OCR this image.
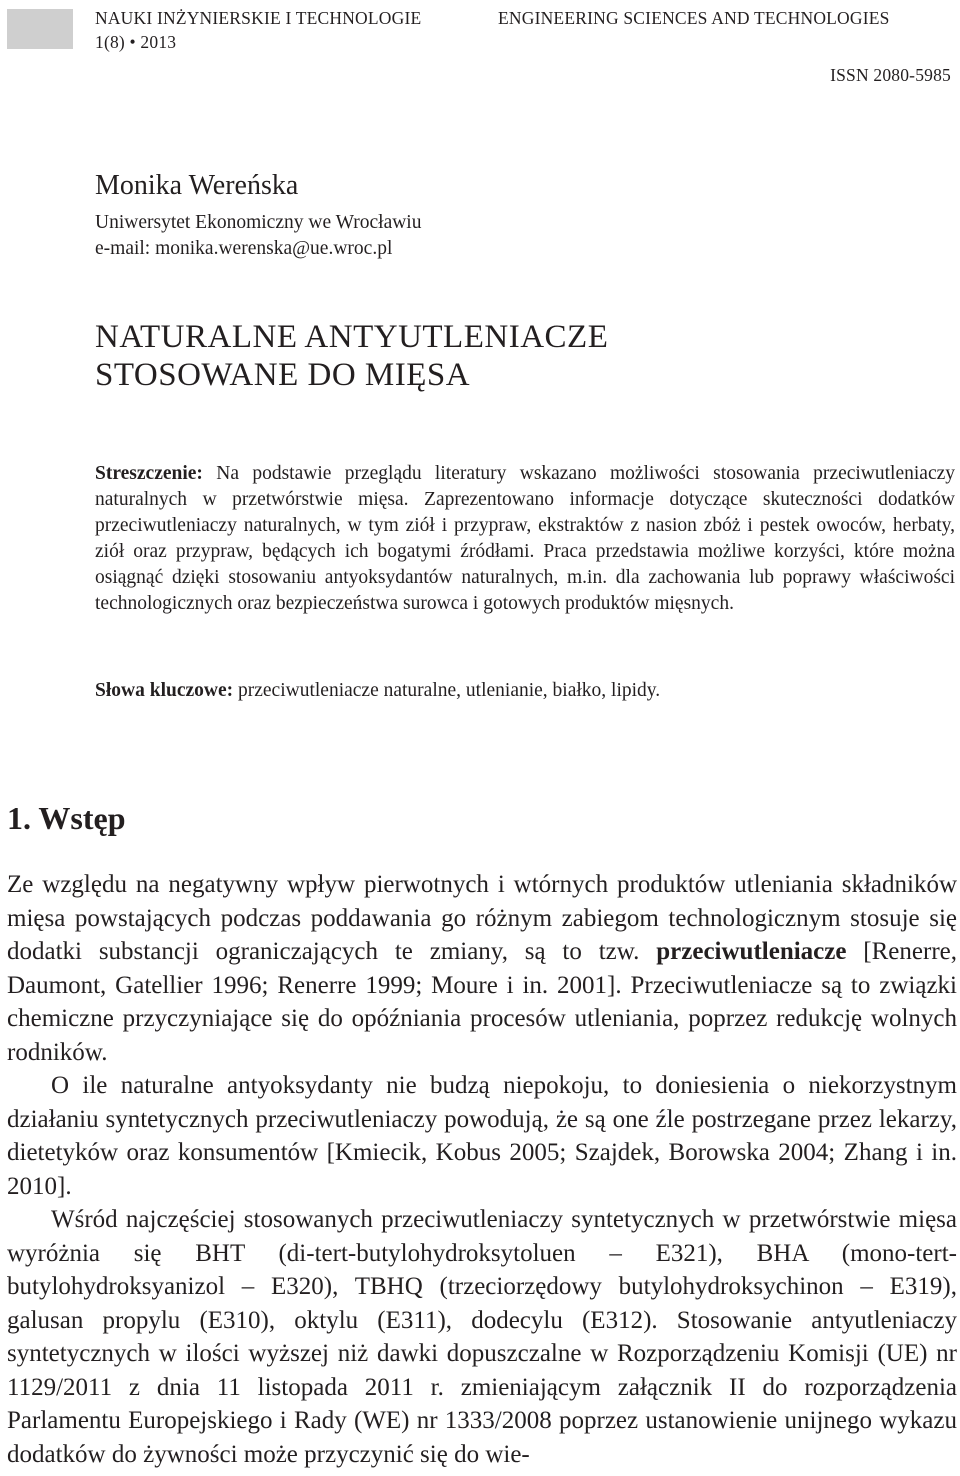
NAUKI INŻYNIERSKIE I TECHNOLOGIE
1(8) • 2013
ENGINEERING SCIENCES AND TECHNOLOGIES
ISSN 2080-5985
Monika Wereńska
Uniwersytet Ekonomiczny we Wrocławiu
e-mail: monika.werenska@ue.wroc.pl
NATURALNE ANTYUTLENIACZE
STOSOWANE DO MIĘSA
Streszczenie: Na podstawie przeglądu literatury wskazano możliwości stosowania przeciwutleniaczy naturalnych w przetwórstwie mięsa. Zaprezentowano informacje dotyczące skuteczności dodatków przeciwutleniaczy naturalnych, w tym ziół i przypraw, ekstraktów z nasion zbóż i pestek owoców, herbaty, ziół oraz przypraw, będących ich bogatymi źródłami. Praca przedstawia możliwe korzyści, które można osiągnąć dzięki stosowaniu antyoksydantów naturalnych, m.in. dla zachowania lub poprawy właściwości technologicznych oraz bezpieczeństwa surowca i gotowych produktów mięsnych.
Słowa kluczowe: przeciwutleniacze naturalne, utlenianie, białko, lipidy.
1. Wstęp
Ze względu na negatywny wpływ pierwotnych i wtórnych produktów utleniania składników mięsa powstających podczas poddawania go różnym zabiegom technologicznym stosuje się dodatki substancji ograniczających te zmiany, są to tzw. przeciwutleniacze [Renerre, Daumont, Gatellier 1996; Renerre 1999; Moure i in. 2001]. Przeciwutleniacze są to związki chemiczne przyczyniające się do opóźniania procesów utleniania, poprzez redukcję wolnych rodników.
O ile naturalne antyoksydanty nie budzą niepokoju, to doniesienia o niekorzystnym działaniu syntetycznych przeciwutleniaczy powodują, że są one źle postrzegane przez lekarzy, dietetyków oraz konsumentów [Kmiecik, Kobus 2005; Szajdek, Borowska 2004; Zhang i in. 2010].
Wśród najczęściej stosowanych przeciwutleniaczy syntetycznych w przetwórstwie mięsa wyróżnia się BHT (di-tert-butylohydroksytoluen – E321), BHA (mono-tert-butylohydroksyanizol – E320), TBHQ (trzeciorzędowy butylohydroksychinon – E319), galusan propylu (E310), oktylu (E311), dodecylu (E312). Stosowanie antyutleniaczy syntetycznych w ilości wyższej niż dawki dopuszczalne w Rozporządzeniu Komisji (UE) nr 1129/2011 z dnia 11 listopada 2011 r. zmieniającym załącznik II do rozporządzenia Parlamentu Europejskiego i Rady (WE) nr 1333/2008 poprzez ustanowienie unijnego wykazu dodatków do żywności może przyczynić się do wie-
